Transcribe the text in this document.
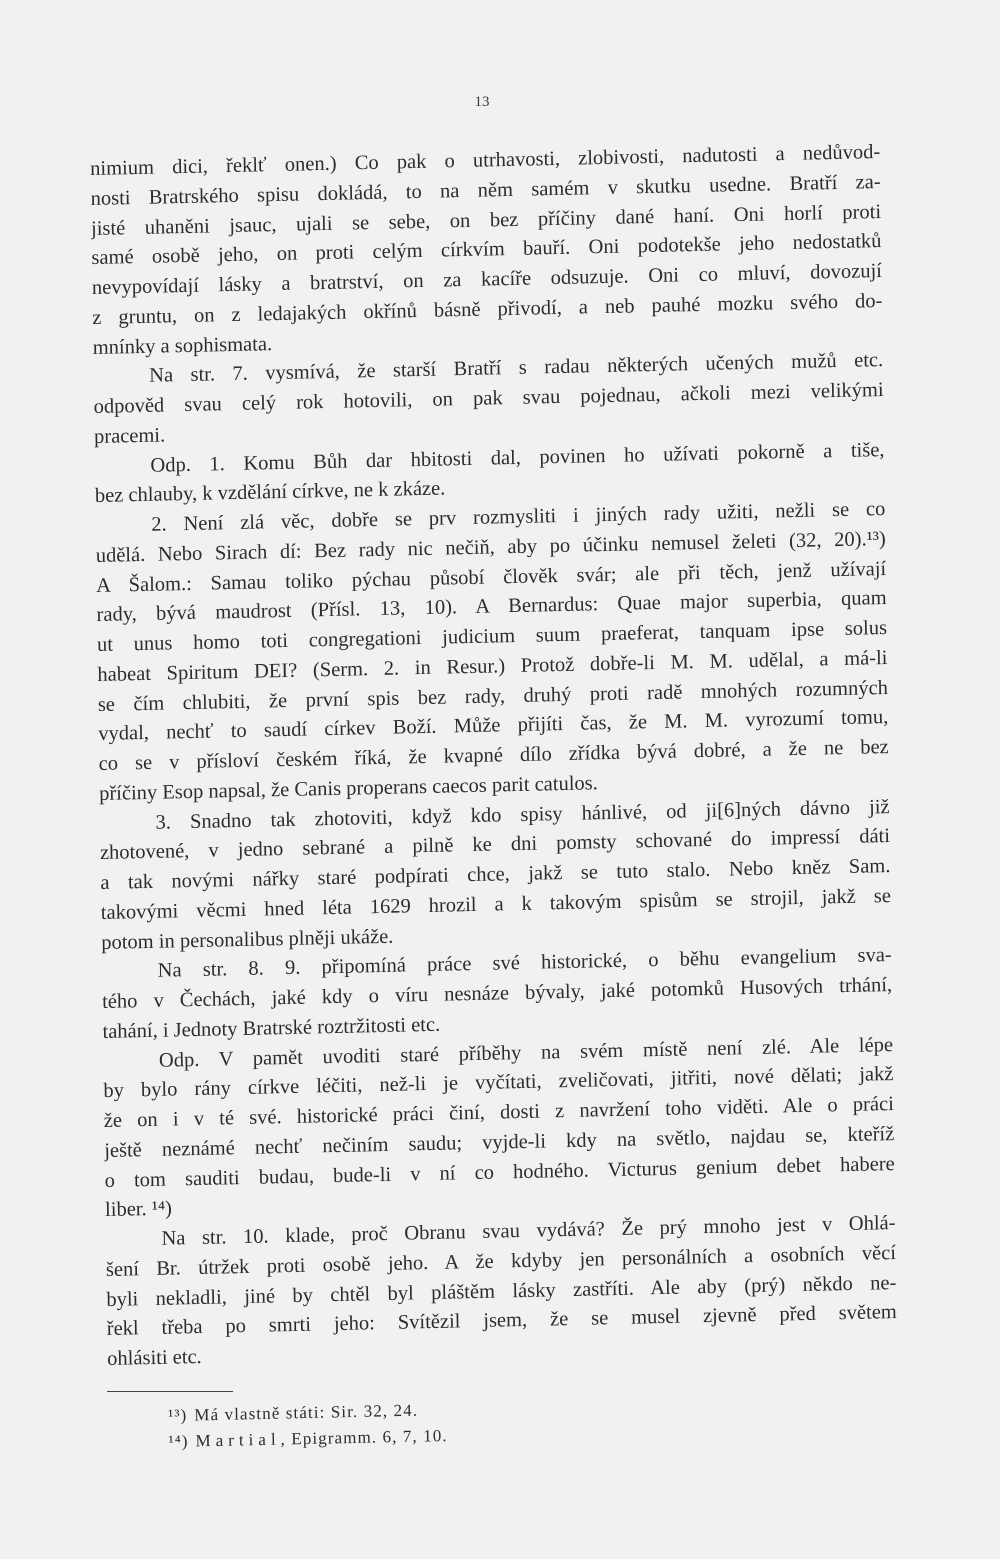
13
nimium dici, řeklť onen.) Co pak o utrhavosti, zlobivosti, nadutosti a nedůvod-
nosti Bratrského spisu dokládá, to na něm samém v skutku usedne. Bratří za-
jisté uhaněni jsauc, ujali se sebe, on bez příčiny dané haní. Oni horlí proti
samé osobě jeho, on proti celým církvím bauří. Oni podotekše jeho nedostatků
nevypovídají lásky a bratrství, on za kacíře odsuzuje. Oni co mluví, dovozují
z gruntu, on z ledajakých okřínů básně přivodí, a neb pauhé mozku svého do-
mnínky a sophismata.
Na str. 7. vysmívá, že starší Bratří s radau některých učených mužů etc.
odpověd svau celý rok hotovili, on pak svau pojednau, ačkoli mezi velikými
pracemi.
Odp. 1. Komu Bůh dar hbitosti dal, povinen ho užívati pokorně a tiše,
bez chlauby, k vzdělání církve, ne k zkáze.
2. Není zlá věc, dobře se prv rozmysliti i jiných rady užiti, nežli se co
udělá. Nebo Sirach dí: Bez rady nic nečiň, aby po účinku nemusel želeti (32, 20).¹³)
A Šalom.: Samau toliko pýchau působí člověk svár; ale při těch, jenž užívají
rady, bývá maudrost (Přísl. 13, 10). A Bernardus: Quae major superbia, quam
ut unus homo toti congregationi judicium suum praeferat, tanquam ipse solus
habeat Spiritum DEI? (Serm. 2. in Resur.) Protož dobře-li M. M. udělal, a má-li
se čím chlubiti, že první spis bez rady, druhý proti radě mnohých rozumných
vydal, nechť to saudí církev Boží. Může přijíti čas, že M. M. vyrozumí tomu,
co se v přísloví českém říká, že kvapné dílo zřídka bývá dobré, a že ne bez
příčiny Esop napsal, že Canis properans caecos parit catulos.
3. Snadno tak zhotoviti, když kdo spisy hánlivé, od ji[6]ných dávno již
zhotovené, v jedno sebrané a pilně ke dni pomsty schované do impressí dáti
a tak novými nářky staré podpírati chce, jakž se tuto stalo. Nebo kněz Sam.
takovými věcmi hned léta 1629 hrozil a k takovým spisům se strojil, jakž se
potom in personalibus plněji ukáže.
Na str. 8. 9. připomíná práce své historické, o běhu evangelium sva-
tého v Čechách, jaké kdy o víru nesnáze bývaly, jaké potomků Husových trhání,
tahání, i Jednoty Bratrské roztržitosti etc.
Odp. V pamět uvoditi staré příběhy na svém místě není zlé. Ale lépe
by bylo rány církve léčiti, než-li je vyčítati, zveličovati, jitřiti, nové dělati; jakž
že on i v té své. historické práci činí, dosti z navržení toho viděti. Ale o práci
ještě neznámé nechť nečiním saudu; vyjde-li kdy na světlo, najdau se, kteříž
o tom sauditi budau, bude-li v ní co hodného. Victurus genium debet habere
liber. ¹⁴)
Na str. 10. klade, proč Obranu svau vydává? Že prý mnoho jest v Ohlá-
šení Br. útržek proti osobě jeho. A že kdyby jen personálních a osobních věcí
byli nekladli, jiné by chtěl byl pláštěm lásky zastříti. Ale aby (prý) někdo ne-
řekl třeba po smrti jeho: Svítězil jsem, že se musel zjevně před světem
ohlásiti etc.
¹³) Má vlastně státi: Sir. 32, 24.
¹⁴) Martial, Epigramm. 6, 7, 10.
